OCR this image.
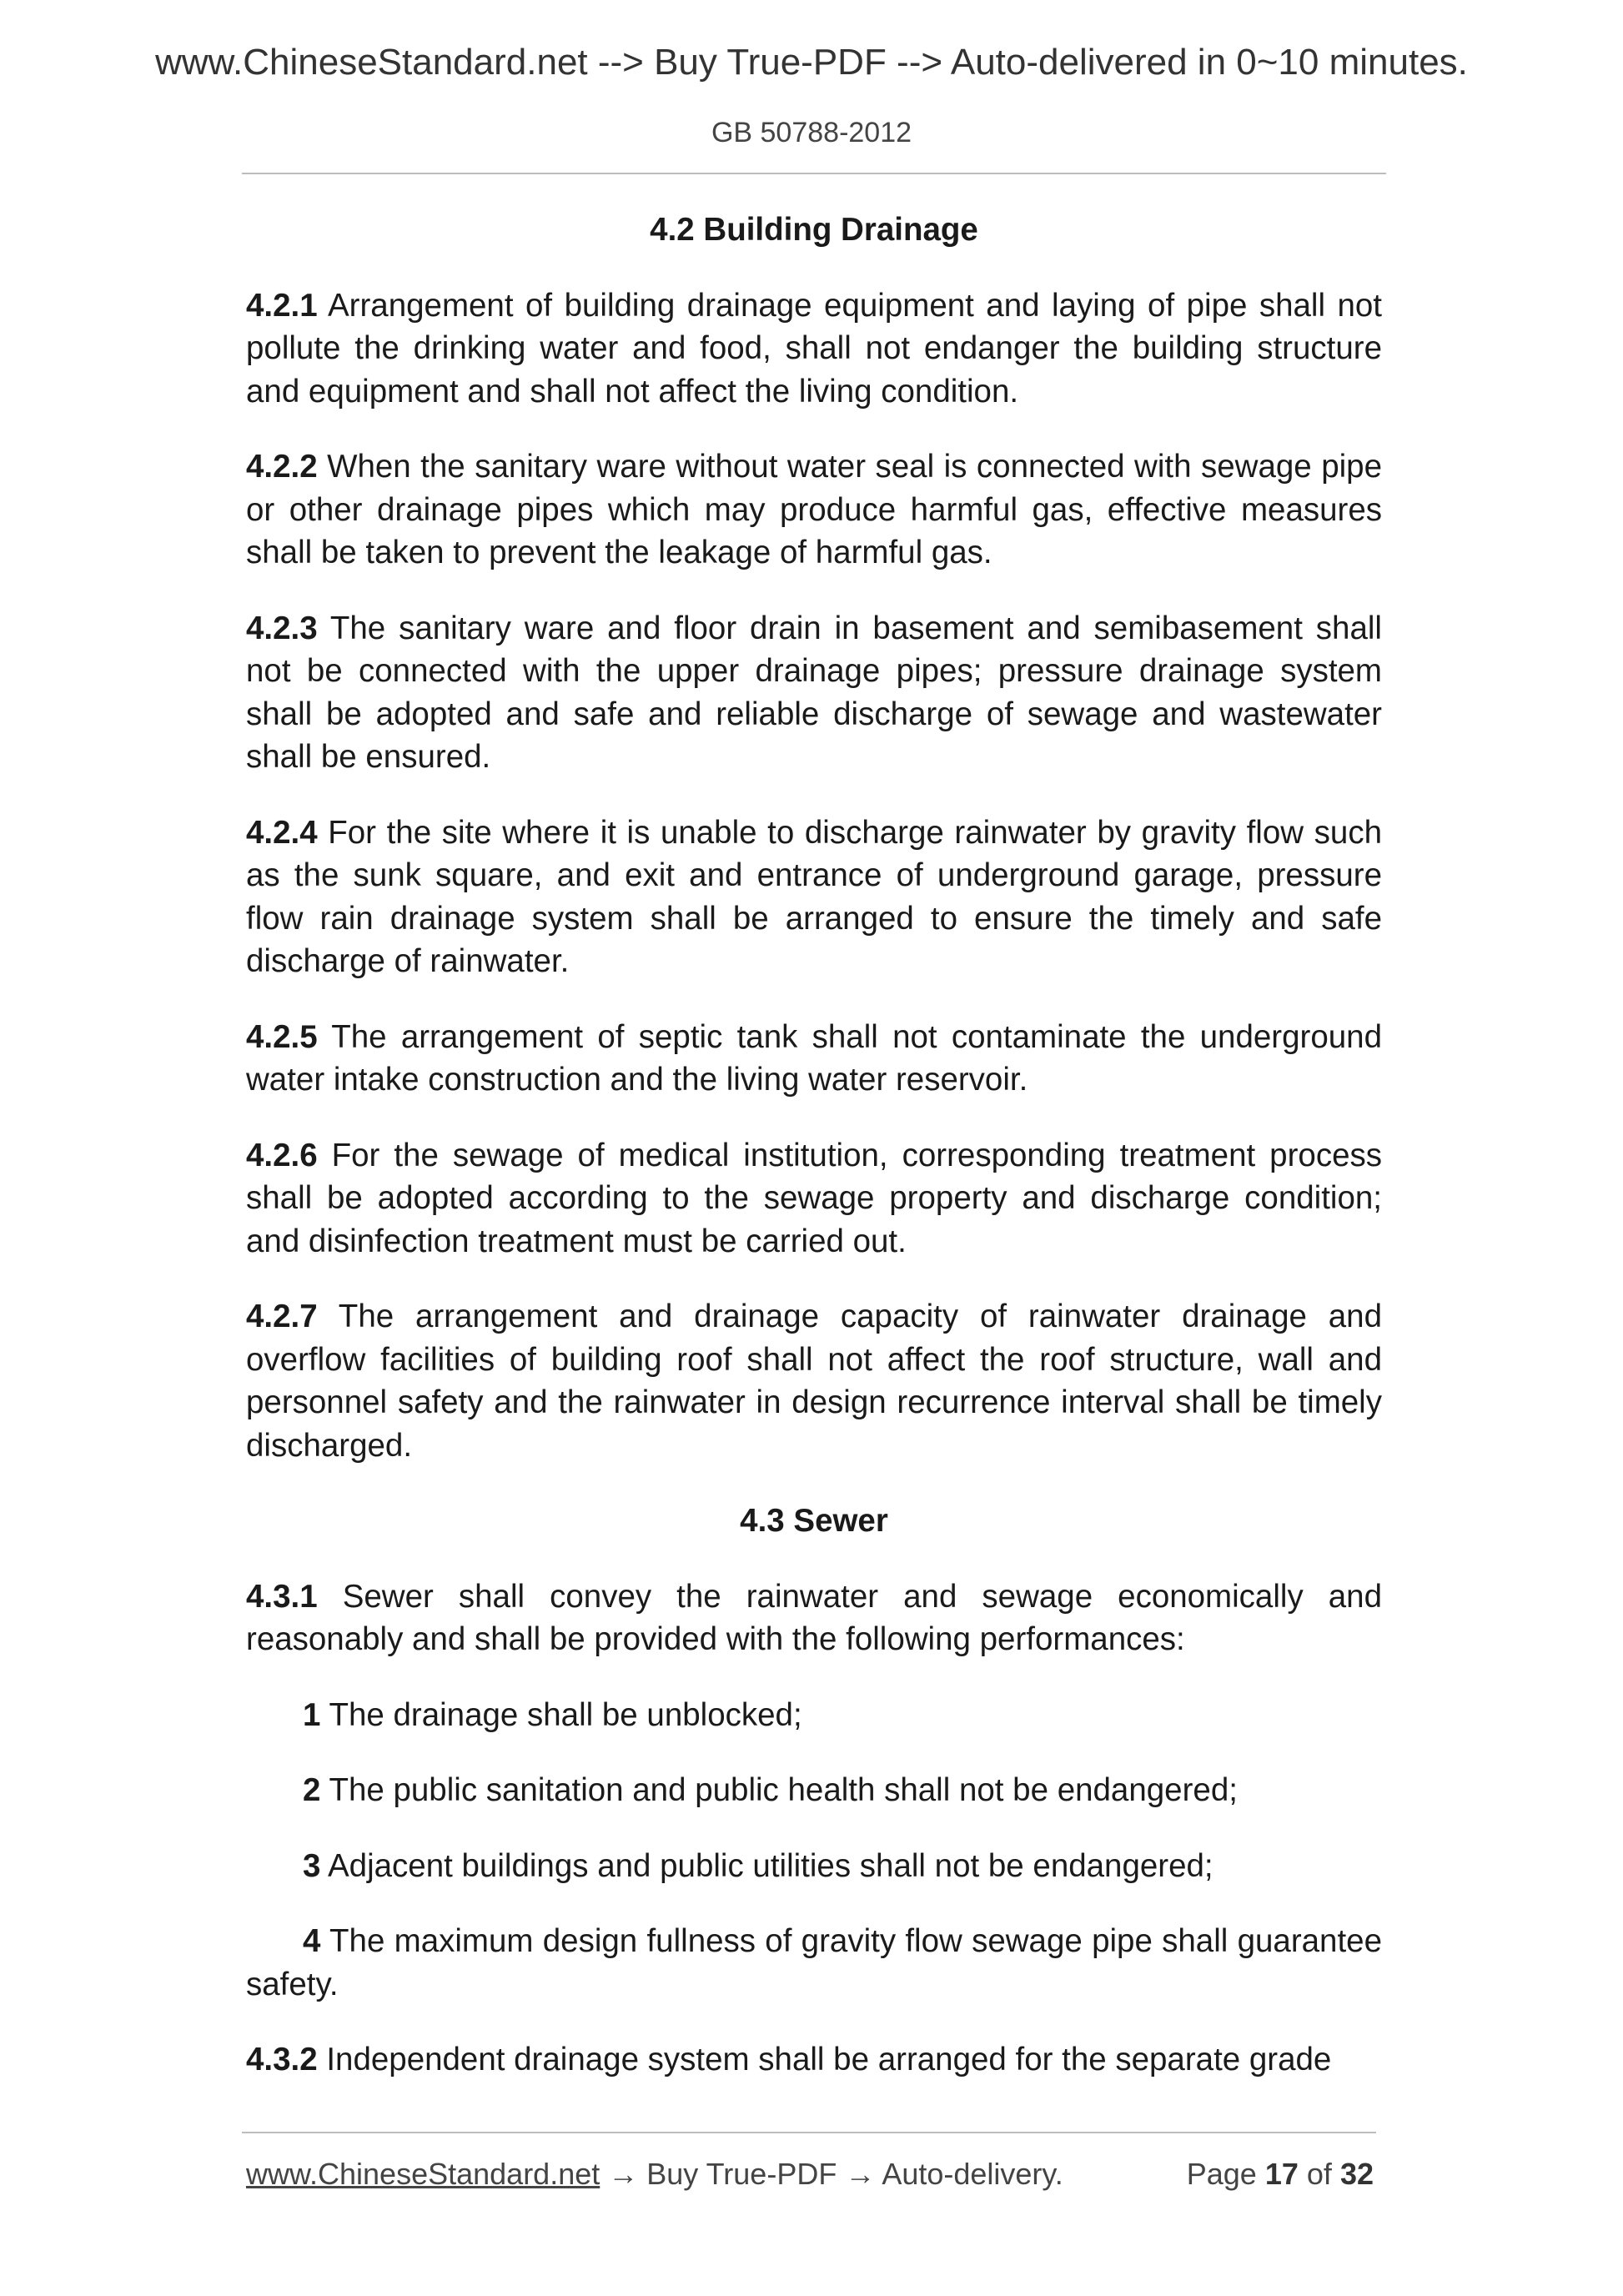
www.ChineseStandard.net --> Buy True-PDF --> Auto-delivered in 0~10 minutes.
GB 50788-2012
4.2 Building Drainage

4.2.1 Arrangement of building drainage equipment and laying of pipe shall not pollute the drinking water and food, shall not endanger the building structure and equipment and shall not affect the living condition.

4.2.2 When the sanitary ware without water seal is connected with sewage pipe or other drainage pipes which may produce harmful gas, effective measures shall be taken to prevent the leakage of harmful gas.

4.2.3 The sanitary ware and floor drain in basement and semibasement shall not be connected with the upper drainage pipes; pressure drainage system shall be adopted and safe and reliable discharge of sewage and wastewater shall be ensured.

4.2.4 For the site where it is unable to discharge rainwater by gravity flow such as the sunk square, and exit and entrance of underground garage, pressure flow rain drainage system shall be arranged to ensure the timely and safe discharge of rainwater.

4.2.5 The arrangement of septic tank shall not contaminate the underground water intake construction and the living water reservoir.

4.2.6 For the sewage of medical institution, corresponding treatment process shall be adopted according to the sewage property and discharge condition; and disinfection treatment must be carried out.

4.2.7 The arrangement and drainage capacity of rainwater drainage and overflow facilities of building roof shall not affect the roof structure, wall and personnel safety and the rainwater in design recurrence interval shall be timely discharged.

4.3 Sewer

4.3.1 Sewer shall convey the rainwater and sewage economically and reasonably and shall be provided with the following performances:

1 The drainage shall be unblocked;

2 The public sanitation and public health shall not be endangered;

3 Adjacent buildings and public utilities shall not be endangered;

4 The maximum design fullness of gravity flow sewage pipe shall guarantee safety.

4.3.2 Independent drainage system shall be arranged for the separate grade

www.ChineseStandard.net → Buy True-PDF → Auto-delivery.	Page 17 of 32
